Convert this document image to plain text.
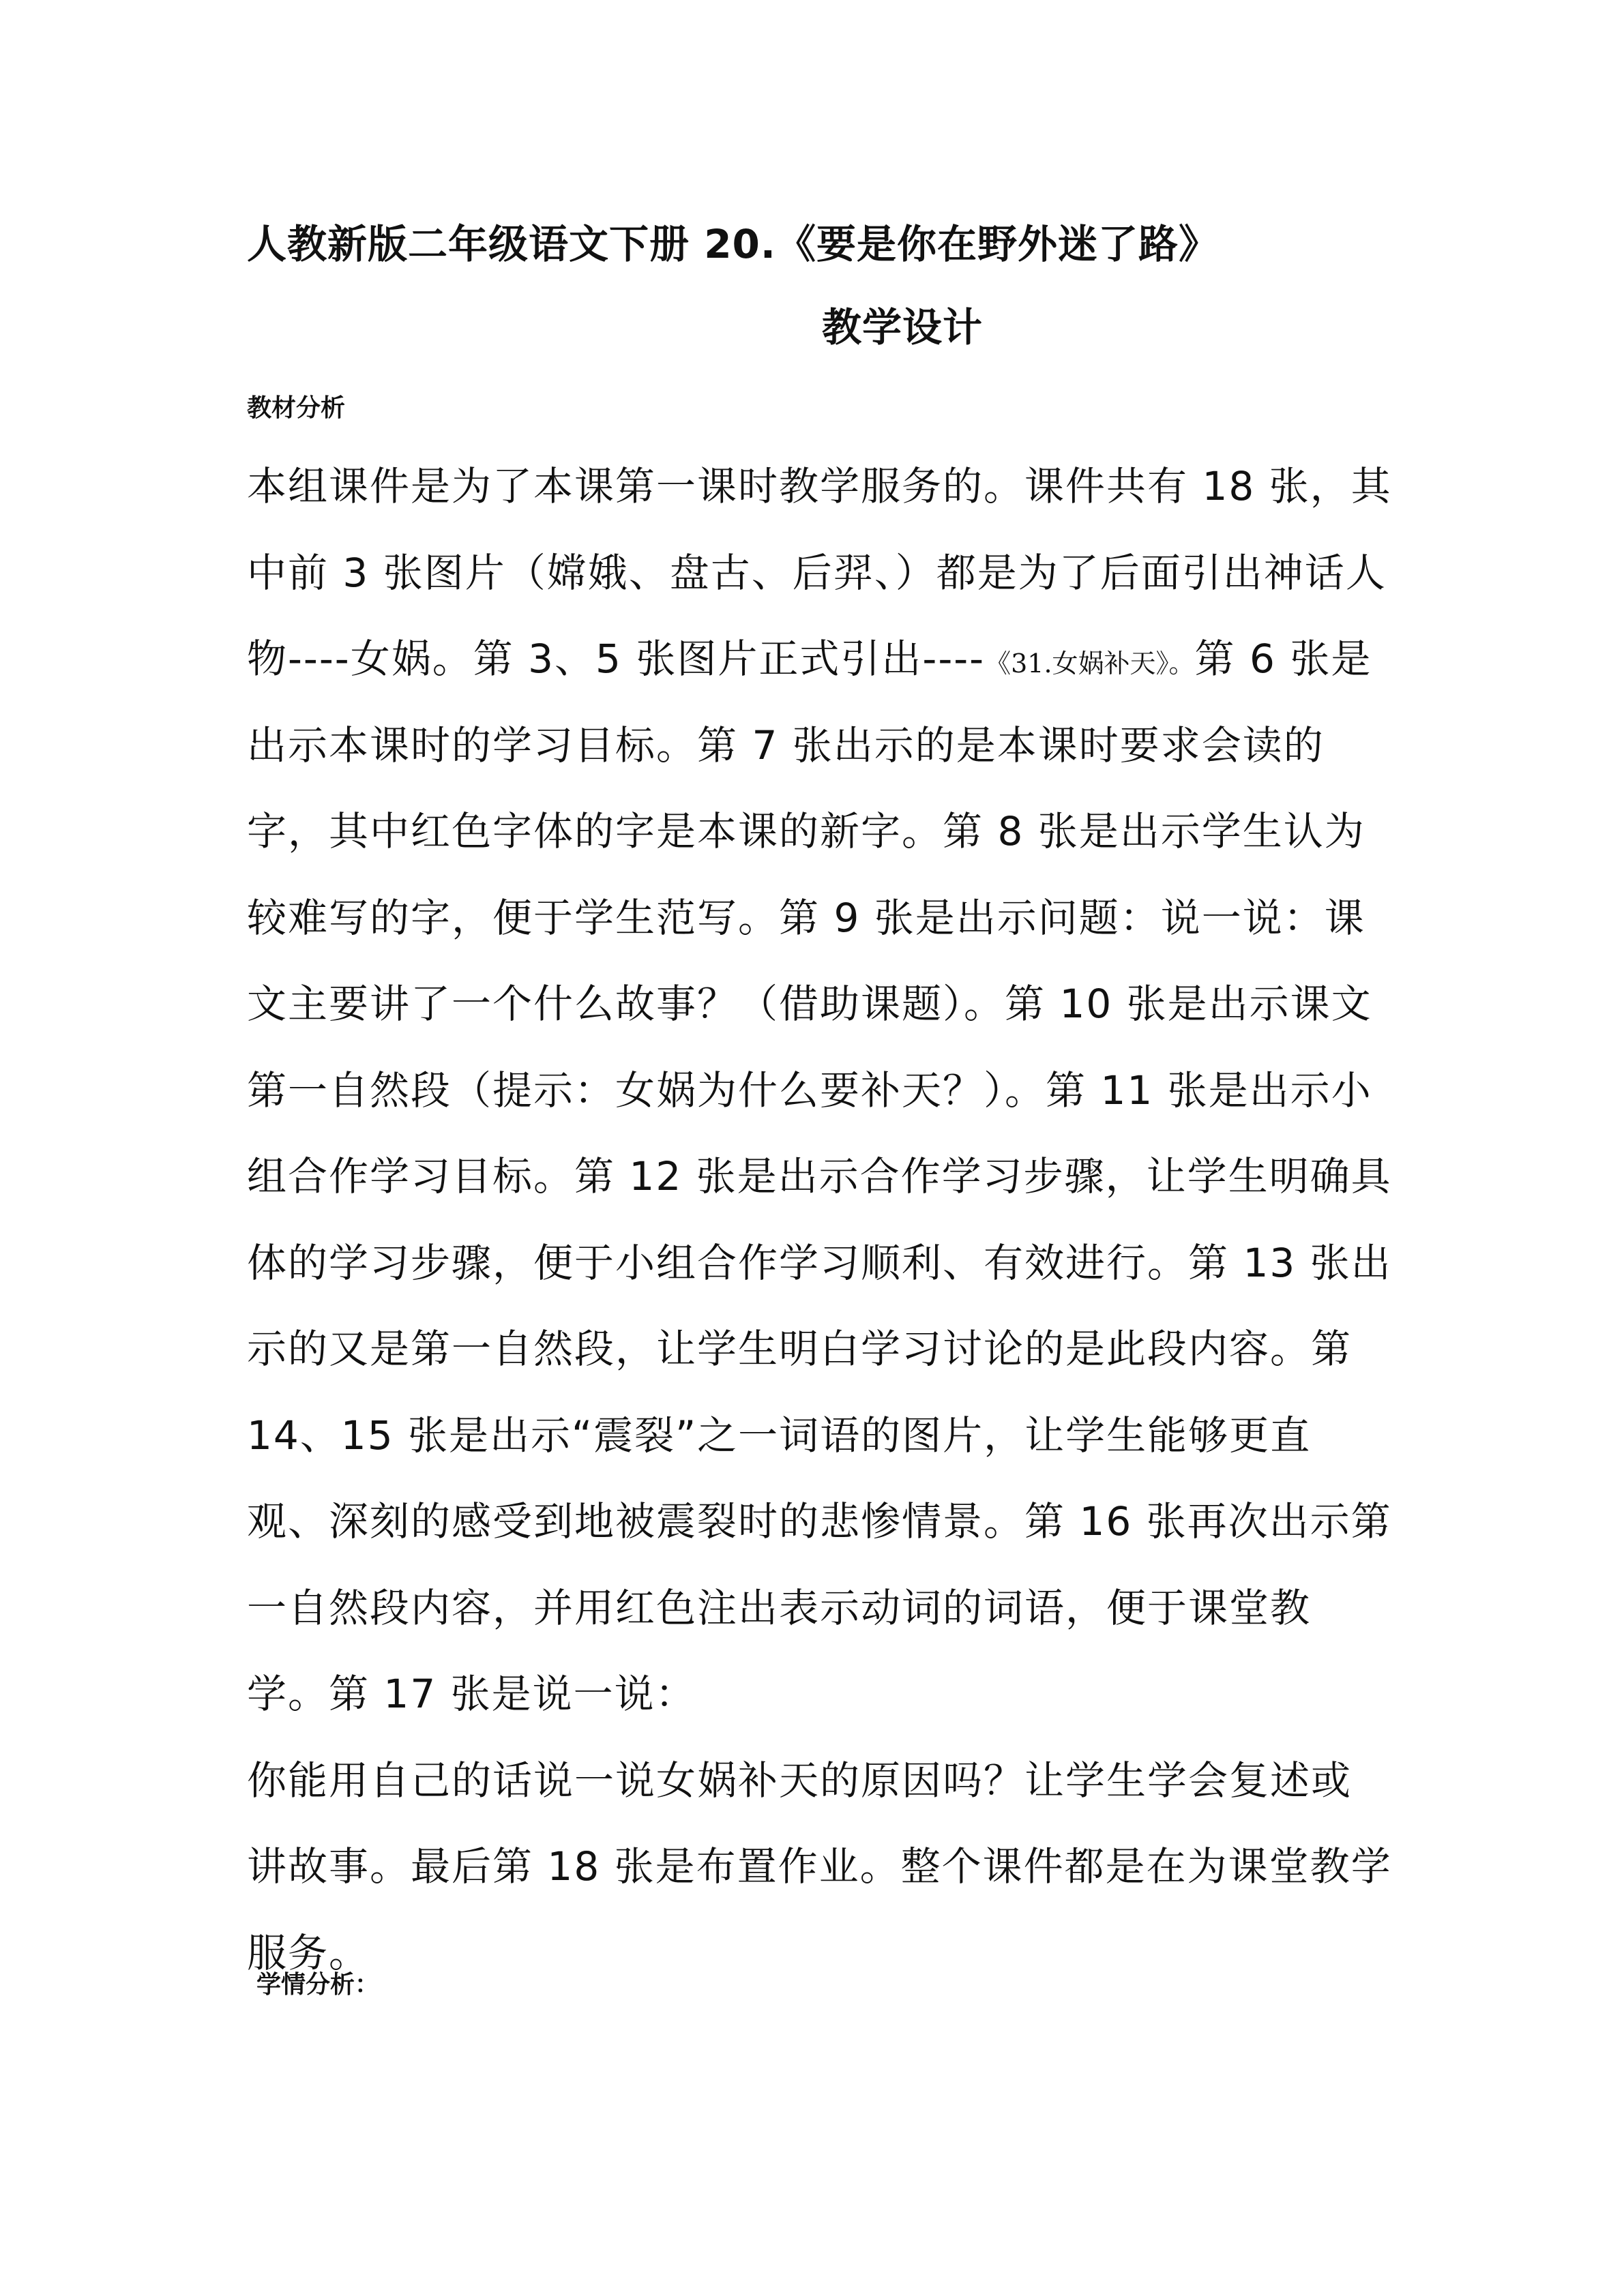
人教新版二年级语文下册 20.《要是你在野外迷了路》
教学设计
教材分析
本组课件是为了本课第一课时教学服务的。课件共有 18 张，其
中前 3 张图片（嫦娥、盘古、后羿、）都是为了后面引出神话人
物----女娲。第 3、5 张图片正式引出----《31.女娲补天》。第 6 张是
出示本课时的学习目标。第 7 张出示的是本课时要求会读的
字，其中红色字体的字是本课的新字。第 8 张是出示学生认为
较难写的字，便于学生范写。第 9 张是出示问题：说一说：课
文主要讲了一个什么故事？（借助课题）。第 10 张是出示课文
第一自然段（提示：女娲为什么要补天？）。第 11 张是出示小
组合作学习目标。第 12 张是出示合作学习步骤，让学生明确具
体的学习步骤，便于小组合作学习顺利、有效进行。第 13 张出
示的又是第一自然段，让学生明白学习讨论的是此段内容。第
14、15 张是出示“震裂”之一词语的图片，让学生能够更直
观、深刻的感受到地被震裂时的悲惨情景。第 16 张再次出示第
一自然段内容，并用红色注出表示动词的词语，便于课堂教
学。第 17 张是说一说：
你能用自己的话说一说女娲补天的原因吗？让学生学会复述或
讲故事。最后第 18 张是布置作业。整个课件都是在为课堂教学
服务。
学情分析：
